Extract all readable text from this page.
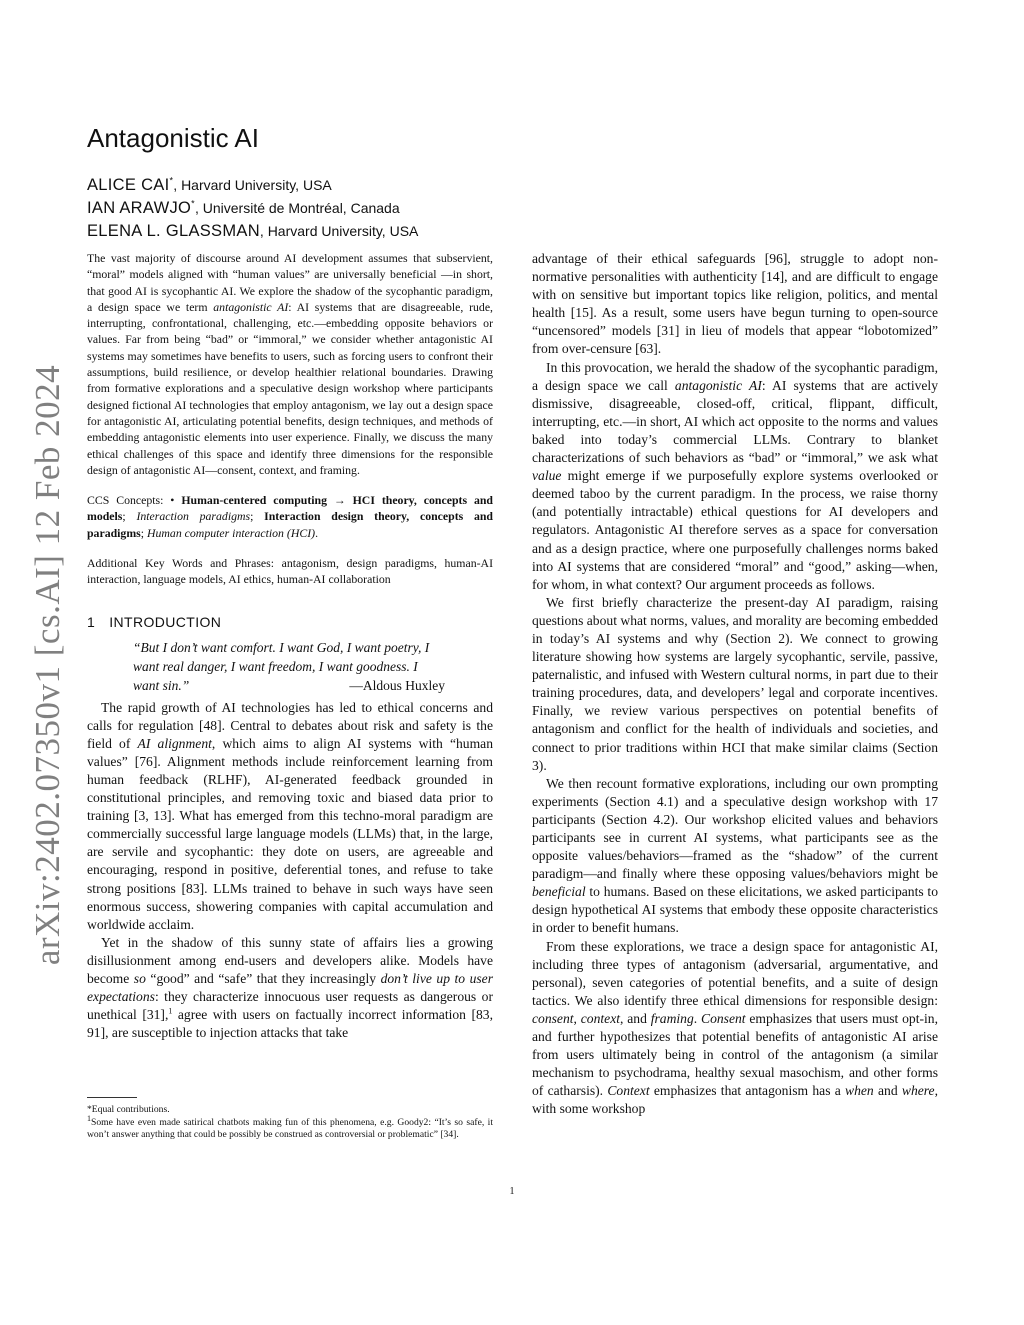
arXiv:2402.07350v1 [cs.AI] 12 Feb 2024
Antagonistic AI
ALICE CAI*, Harvard University, USA
IAN ARAWJO*, Université de Montréal, Canada
ELENA L. GLASSMAN, Harvard University, USA

The vast majority of discourse around AI development assumes that subservient, “moral” models aligned with “human values” are universally beneficial —in short, that good AI is sycophantic AI. We explore the shadow of the sycophantic paradigm, a design space we term antagonistic AI: AI systems that are disagreeable, rude, interrupting, confrontational, challenging, etc.—embedding opposite behaviors or values. Far from being “bad” or “immoral,” we consider whether antagonistic AI systems may sometimes have benefits to users, such as forcing users to confront their assumptions, build resilience, or develop healthier relational boundaries. Drawing from formative explorations and a speculative design workshop where participants designed fictional AI technologies that employ antagonism, we lay out a design space for antagonistic AI, articulating potential benefits, design techniques, and methods of embedding antagonistic elements into user experience. Finally, we discuss the many ethical challenges of this space and identify three dimensions for the responsible design of antagonistic AI—consent, context, and framing.

CCS Concepts: • Human-centered computing → HCI theory, concepts and models; Interaction paradigms; Interaction design theory, concepts and paradigms; Human computer interaction (HCI).
Additional Key Words and Phrases: antagonism, design paradigms, human-AI interaction, language models, AI ethics, human-AI collaboration
1 INTRODUCTION
“But I don’t want comfort. I want God, I want poetry, I
want real danger, I want freedom, I want goodness. I
want sin.”	—Aldous Huxley

The rapid growth of AI technologies has led to ethical concerns and calls for regulation [48]. Central to debates about risk and safety is the field of AI alignment, which aims to align AI systems with “human values” [76]. Alignment methods include reinforcement learning from human feedback (RLHF), AI-generated feedback grounded in constitutional principles, and removing toxic and biased data prior to training [3, 13]. What has emerged from this techno-moral paradigm are commercially successful large language models (LLMs) that, in the large, are servile and sycophantic: they dote on users, are agreeable and encouraging, respond in positive, deferential tones, and refuse to take strong positions [83]. LLMs trained to behave in such ways have seen enormous success, showering companies with capital accumulation and worldwide acclaim.

Yet in the shadow of this sunny state of affairs lies a growing disillusionment among end-users and developers alike. Models have become so “good” and “safe” that they increasingly don’t live up to user expectations: they characterize innocuous user requests as dangerous or unethical [31],$^1$ agree with users on factually incorrect information [83, 91], are susceptible to injection attacks that take

*Equal contributions.

$^1$Some have even made satirical chatbots making fun of this phenomena, e.g. Goody2: “It’s so safe, it won’t answer anything that could be possibly be construed as controversial or problematic” [34].

advantage of their ethical safeguards [96], struggle to adopt non-normative personalities with authenticity [14], and are difficult to engage with on sensitive but important topics like religion, politics, and mental health [15]. As a result, some users have begun turning to open-source “uncensored” models [31] in lieu of models that appear “lobotomized” from over-censure [63].

In this provocation, we herald the shadow of the sycophantic paradigm, a design space we call antagonistic AI: AI systems that are actively dismissive, disagreeable, closed-off, critical, flippant, difficult, interrupting, etc.—in short, AI which act opposite to the norms and values baked into today’s commercial LLMs. Contrary to blanket characterizations of such behaviors as “bad” or “immoral,” we ask what value might emerge if we purposefully explore systems overlooked or deemed taboo by the current paradigm. In the process, we raise thorny (and potentially intractable) ethical questions for AI developers and regulators. Antagonistic AI therefore serves as a space for conversation and as a design practice, where one purposefully challenges norms baked into AI systems that are considered “moral” and “good,” asking—when, for whom, in what context? Our argument proceeds as follows.

We first briefly characterize the present-day AI paradigm, raising questions about what norms, values, and morality are becoming embedded in today’s AI systems and why (Section 2). We connect to growing literature showing how systems are largely sycophantic, servile, passive, paternalistic, and infused with Western cultural norms, in part due to their training procedures, data, and developers’ legal and corporate incentives. Finally, we review various perspectives on potential benefits of antagonism and conflict for the health of individuals and societies, and connect to prior traditions within HCI that make similar claims (Section 3).

We then recount formative explorations, including our own prompting experiments (Section 4.1) and a speculative design workshop with 17 participants (Section 4.2). Our workshop elicited values and behaviors participants see in current AI systems, what participants see as the opposite values/behaviors—framed as the “shadow” of the current paradigm—and finally where these opposing values/behaviors might be beneficial to humans. Based on these elicitations, we asked participants to design hypothetical AI systems that embody these opposite characteristics in order to benefit humans.

From these explorations, we trace a design space for antagonistic AI, including three types of antagonism (adversarial, argumentative, and personal), seven categories of potential benefits, and a suite of design tactics. We also identify three ethical dimensions for responsible design: consent, context, and framing. Consent emphasizes that users must opt-in, and further hypothesizes that potential benefits of antagonistic AI arise from users ultimately being in control of the antagonism (a similar mechanism to psychodrama, healthy sexual masochism, and other forms of catharsis). Context emphasizes that antagonism has a when and where, with some workshop

1
